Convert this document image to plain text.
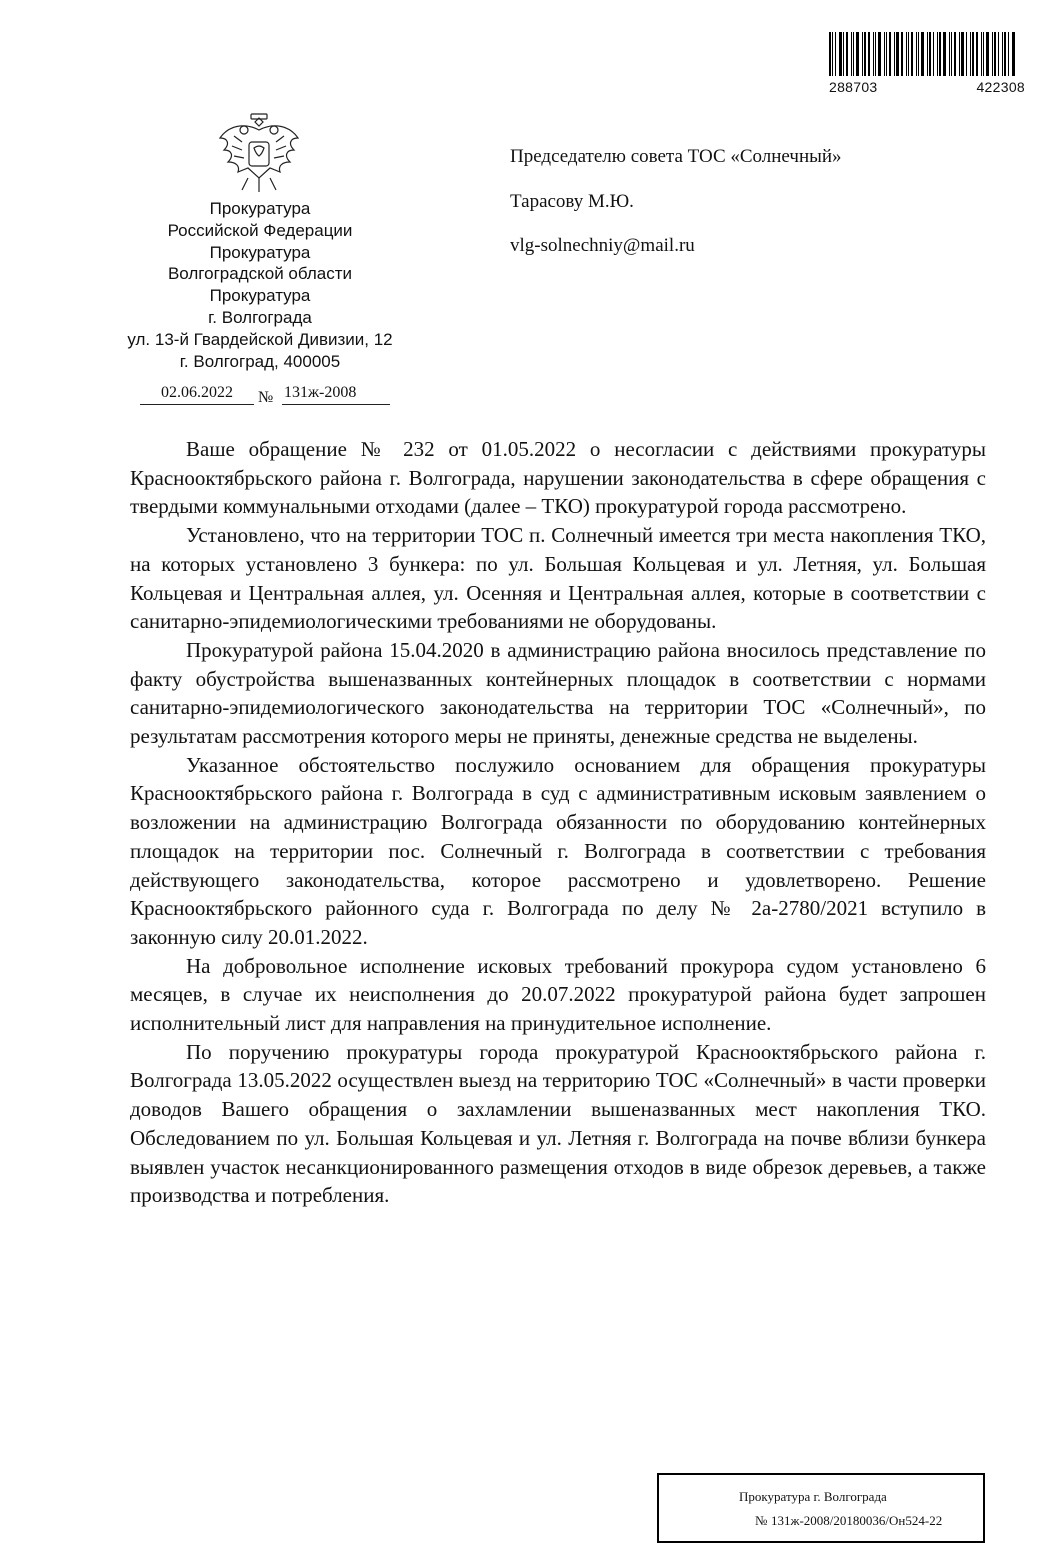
288703	422308
Прокуратура
Российской Федерации
Прокуратура
Волгоградской области
Прокуратура
г. Волгограда
ул. 13-й Гвардейской Дивизии, 12
г. Волгоград, 400005
02.06.2022	№ 131ж-2008
Председателю совета ТОС «Солнечный»
Тарасову М.Ю.
vlg-solnechniy@mail.ru

Ваше обращение № 232 от 01.05.2022 о несогласии с действиями прокуратуры Краснооктябрьского района г. Волгограда, нарушении законодательства в сфере обращения с твердыми коммунальными отходами (далее – ТКО) прокуратурой города рассмотрено.

Установлено, что на территории ТОС п. Солнечный имеется три места накопления ТКО, на которых установлено 3 бункера: по ул. Большая Кольцевая и ул. Летняя, ул. Большая Кольцевая и Центральная аллея, ул. Осенняя и Центральная аллея, которые в соответствии с санитарно-эпидемиологическими требованиями не оборудованы.

Прокуратурой района 15.04.2020 в администрацию района вносилось представление по факту обустройства вышеназванных контейнерных площадок в соответствии с нормами санитарно-эпидемиологического законодательства на территории ТОС «Солнечный», по результатам рассмотрения которого меры не приняты, денежные средства не выделены.

Указанное обстоятельство послужило основанием для обращения прокуратуры Краснооктябрьского района г. Волгограда в суд с административным исковым заявлением о возложении на администрацию Волгограда обязанности по оборудованию контейнерных площадок на территории пос. Солнечный г. Волгограда в соответствии с требования действующего законодательства, которое рассмотрено и удовлетворено. Решение Краснооктябрьского районного суда г. Волгограда по делу № 2а-2780/2021 вступило в законную силу 20.01.2022.

На добровольное исполнение исковых требований прокурора судом установлено 6 месяцев, в случае их неисполнения до 20.07.2022 прокуратурой района будет запрошен исполнительный лист для направления на принудительное исполнение.

По поручению прокуратуры города прокуратурой Краснооктябрьского района г. Волгограда 13.05.2022 осуществлен выезд на территорию ТОС «Солнечный» в части проверки доводов Вашего обращения о захламлении вышеназванных мест накопления ТКО. Обследованием по ул. Большая Кольцевая и ул. Летняя г. Волгограда на почве вблизи бункера выявлен участок несанкционированного размещения отходов в виде обрезок деревьев, а также производства и потребления.

Прокуратура г. Волгограда
№ 131ж-2008/20180036/Он524-22
